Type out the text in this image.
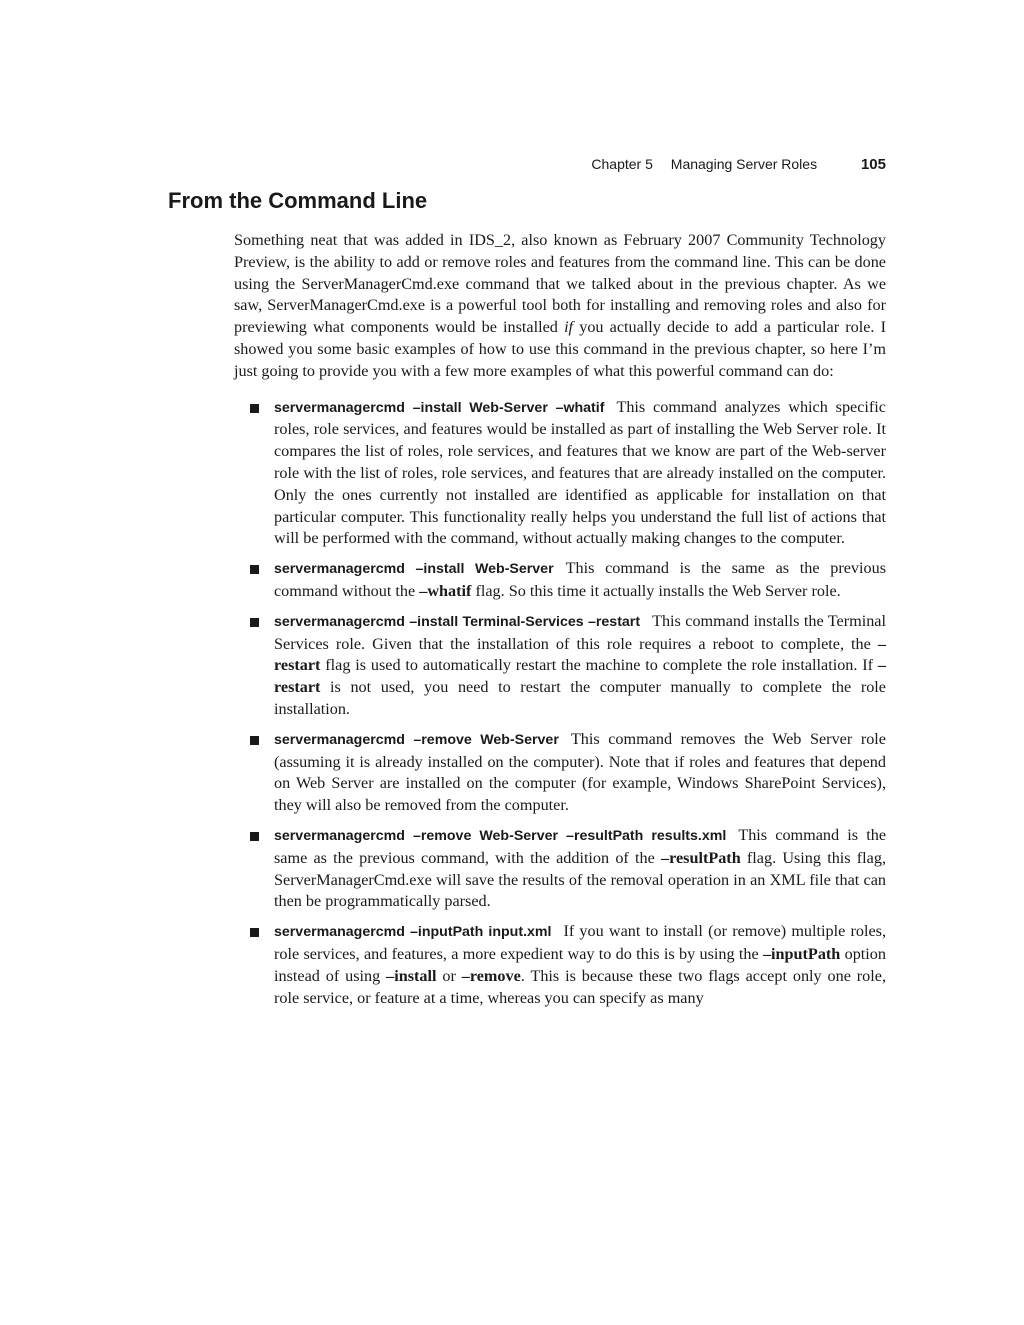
Chapter 5 Managing Server Roles	105
From the Command Line

Something neat that was added in IDS_2, also known as February 2007 Community Technology Preview, is the ability to add or remove roles and features from the command line. This can be done using the ServerManagerCmd.exe command that we talked about in the previous chapter. As we saw, ServerManagerCmd.exe is a powerful tool both for installing and removing roles and also for previewing what components would be installed if you actually decide to add a particular role. I showed you some basic examples of how to use this command in the previous chapter, so here I’m just going to provide you with a few more examples of what this powerful command can do:

servermanagercmd –install Web-Server –whatif This command analyzes which specific roles, role services, and features would be installed as part of installing the Web Server role. It compares the list of roles, role services, and features that we know are part of the Web-server role with the list of roles, role services, and features that are already installed on the computer. Only the ones currently not installed are identified as applicable for installation on that particular computer. This functionality really helps you understand the full list of actions that will be performed with the command, without actually making changes to the computer.
servermanagercmd –install Web-Server This command is the same as the previous command without the –whatif flag. So this time it actually installs the Web Server role.
servermanagercmd –install Terminal-Services –restart This command installs the Terminal Services role. Given that the installation of this role requires a reboot to complete, the –restart flag is used to automatically restart the machine to complete the role installation. If –restart is not used, you need to restart the computer manually to complete the role installation.
servermanagercmd –remove Web-Server This command removes the Web Server role (assuming it is already installed on the computer). Note that if roles and features that depend on Web Server are installed on the computer (for example, Windows SharePoint Services), they will also be removed from the computer.
servermanagercmd –remove Web-Server –resultPath results.xml This command is the same as the previous command, with the addition of the –resultPath flag. Using this flag, ServerManagerCmd.exe will save the results of the removal operation in an XML file that can then be programmatically parsed.
servermanagercmd –inputPath input.xml If you want to install (or remove) multiple roles, role services, and features, a more expedient way to do this is by using the –inputPath option instead of using –install or –remove. This is because these two flags accept only one role, role service, or feature at a time, whereas you can specify as many
